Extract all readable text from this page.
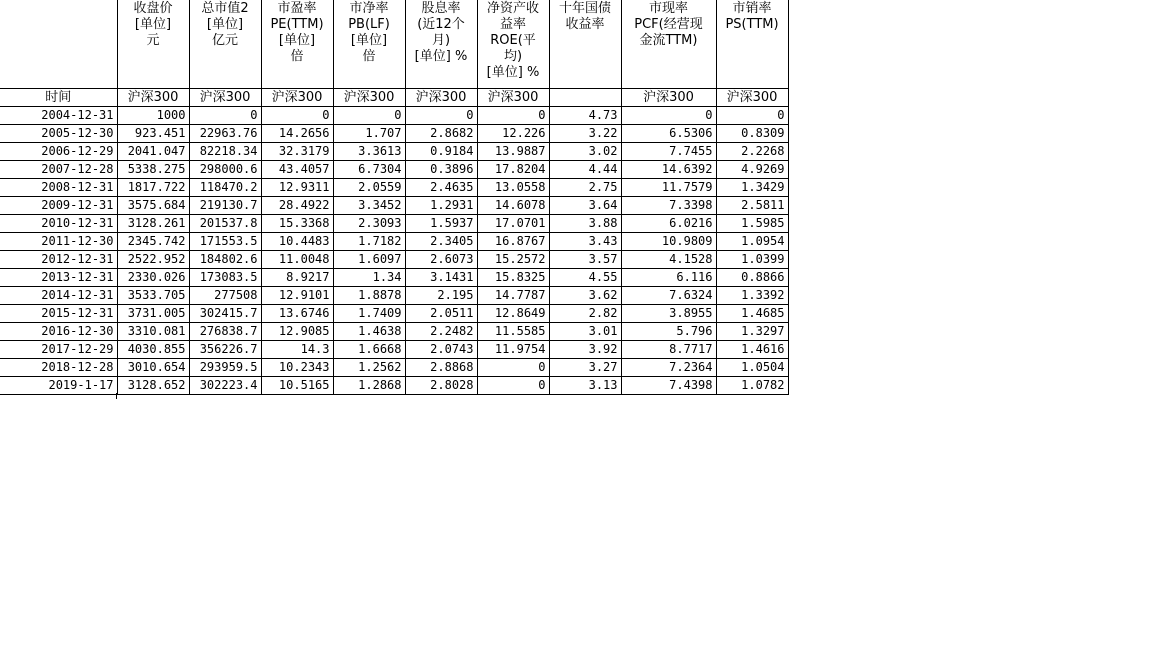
	收盘价
[单位]
元	总市值2
[单位]
亿元	市盈率
PE(TTM)
[单位]
倍	市净率
PB(LF)
[单位]
倍	股息率
(近12个
月)
[单位] %	净资产收
益率
ROE(平
均)
[单位] %	十年国债
收益率	市现率
PCF(经营现
金流TTM)	市销率
PS(TTM)
时间	沪深300	沪深300	沪深300	沪深300	沪深300	沪深300		沪深300	沪深300
2004-12-31	1000	0	0	0	0	0	4.73	0	0
2005-12-30	923.451	22963.76	14.2656	1.707	2.8682	12.226	3.22	6.5306	0.8309
2006-12-29	2041.047	82218.34	32.3179	3.3613	0.9184	13.9887	3.02	7.7455	2.2268
2007-12-28	5338.275	298000.6	43.4057	6.7304	0.3896	17.8204	4.44	14.6392	4.9269
2008-12-31	1817.722	118470.2	12.9311	2.0559	2.4635	13.0558	2.75	11.7579	1.3429
2009-12-31	3575.684	219130.7	28.4922	3.3452	1.2931	14.6078	3.64	7.3398	2.5811
2010-12-31	3128.261	201537.8	15.3368	2.3093	1.5937	17.0701	3.88	6.0216	1.5985
2011-12-30	2345.742	171553.5	10.4483	1.7182	2.3405	16.8767	3.43	10.9809	1.0954
2012-12-31	2522.952	184802.6	11.0048	1.6097	2.6073	15.2572	3.57	4.1528	1.0399
2013-12-31	2330.026	173083.5	8.9217	1.34	3.1431	15.8325	4.55	6.116	0.8866
2014-12-31	3533.705	277508	12.9101	1.8878	2.195	14.7787	3.62	7.6324	1.3392
2015-12-31	3731.005	302415.7	13.6746	1.7409	2.0511	12.8649	2.82	3.8955	1.4685
2016-12-30	3310.081	276838.7	12.9085	1.4638	2.2482	11.5585	3.01	5.796	1.3297
2017-12-29	4030.855	356226.7	14.3	1.6668	2.0743	11.9754	3.92	8.7717	1.4616
2018-12-28	3010.654	293959.5	10.2343	1.2562	2.8868	0	3.27	7.2364	1.0504
2019-1-17	3128.652	302223.4	10.5165	1.2868	2.8028	0	3.13	7.4398	1.0782
